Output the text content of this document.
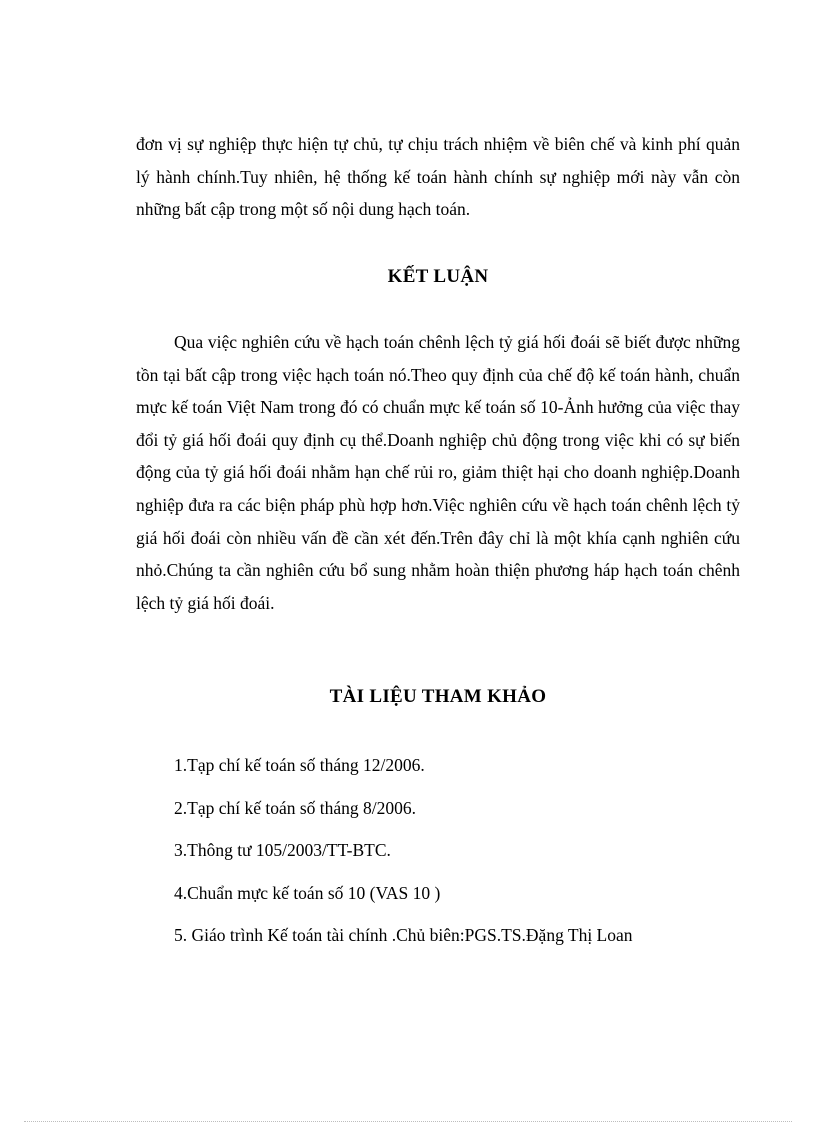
đơn vị sự nghiệp thực hiện tự chủ, tự chịu trách nhiệm về biên chế và kinh phí quản lý hành chính.Tuy nhiên, hệ thống kế toán hành chính sự nghiệp mới này vẫn còn những bất cập trong một số nội dung hạch toán.

KẾT LUẬN

Qua việc nghiên cứu về hạch toán chênh lệch tỷ giá hối đoái sẽ biết được những tồn tại bất cập trong việc hạch toán nó.Theo quy định của chế độ kế toán hành, chuẩn mực kế toán Việt Nam trong đó có chuẩn mực kế toán số 10-Ảnh hưởng của việc thay đổi tỷ giá hối đoái quy định cụ thể.Doanh nghiệp chủ động trong việc khi có sự biến động của tỷ giá hối đoái nhằm hạn chế rủi ro, giảm thiệt hại cho doanh nghiệp.Doanh nghiệp đưa ra các biện pháp phù hợp hơn.Việc nghiên cứu về hạch toán chênh lệch tỷ giá hối đoái còn nhiều vấn đề cần xét đến.Trên đây chỉ là một khía cạnh nghiên cứu nhỏ.Chúng ta cần nghiên cứu bổ sung nhằm hoàn thiện phương háp hạch toán chênh lệch tỷ giá hối đoái.

TÀI LIỆU THAM KHẢO
1.Tạp chí kế toán số tháng 12/2006.
2.Tạp chí kế toán số tháng 8/2006.
3.Thông tư 105/2003/TT-BTC.
4.Chuẩn mực kế toán số 10 (VAS 10 )
5. Giáo trình Kế toán tài chính .Chủ biên:PGS.TS.Đặng Thị Loan
